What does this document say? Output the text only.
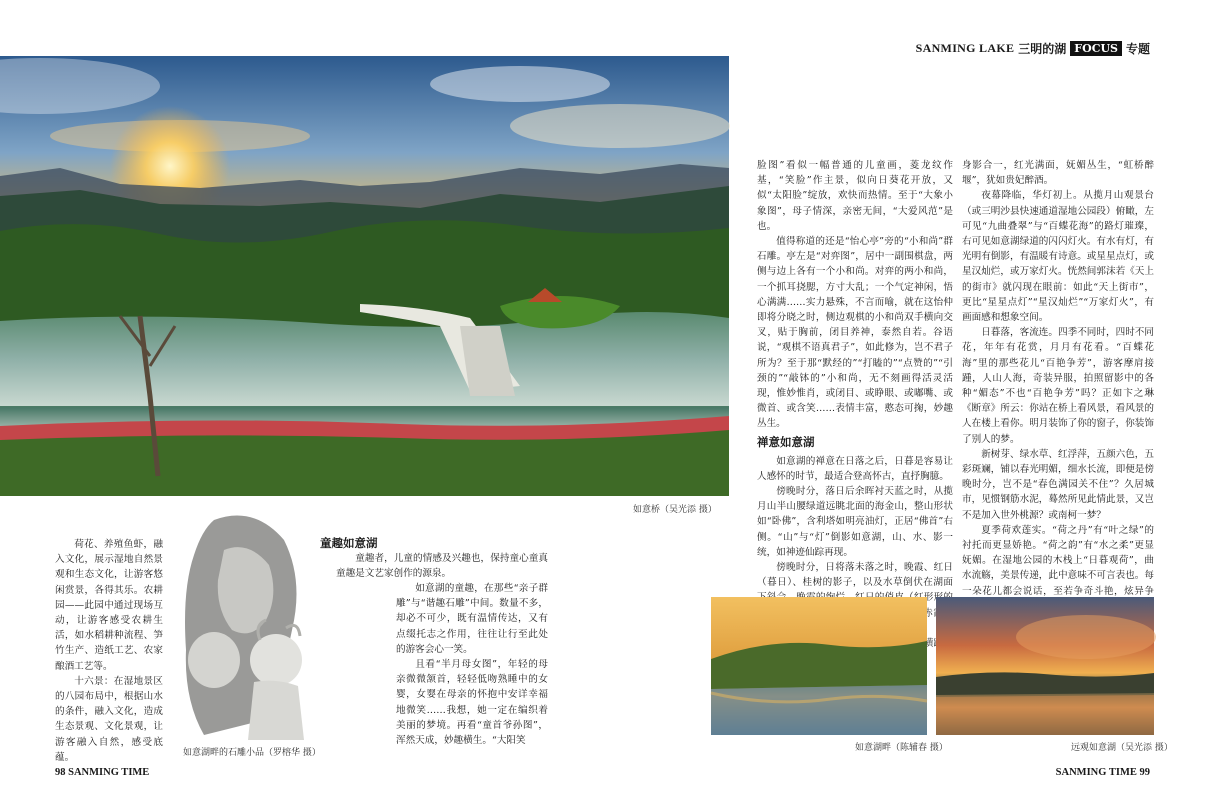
SANMING LAKE 三明的湖 FOCUS 专题
如意桥（吴光添 摄）

荷花、养殖鱼虾，融入文化，展示湿地自然景观和生态文化，让游客悠闲赏景，各得其乐。农耕园——此园中通过现场互动，让游客感受农耕生活，如水稻耕种流程、笋竹生产、造纸工艺、农家酿酒工艺等。

十六景：在湿地景区的八园布局中，根据山水的条件，融入文化，造成生态景观、文化景观，让游客融入自然，感受底蕴。	如意湖畔的石雕小品（罗榕华 摄）
童趣如意湖

童趣者，儿童的情感及兴趣也，保持童心童真童趣是文艺家创作的源泉。

如意湖的童趣，在那些“亲子群雕”与“谐趣石雕”中间。数量不多，却必不可少，既有温情传达，又有点缀托志之作用，往往让行至此处的游客会心一笑。

且看“半月母女图”，年轻的母亲微微颔首，轻轻低吻熟睡中的女婴，女婴在母亲的怀抱中安详幸福地微笑……我想，她一定在编织着美丽的梦境。再看“童首爷孙图”，浑然天成，妙趣横生。“大阳笑

脸图”看似一幅普通的儿童画，菱龙纹作基，“笑脸”作主景，似向日葵花开放，又似“太阳脸”绽放，欢快而热情。至于“大象小象图”，母子情深，亲密无间，“大爱风范”是也。

值得称道的还是“怡心亭”旁的“小和尚”群石雕。亭左是“对弈图”，居中一副围棋盘，两侧与边上各有一个小和尚。对弈的两小和尚，一个抓耳挠腮，方寸大乱；一个气定神闲，悟心满满……实力悬殊，不言而喻，就在这怡仲即将分晓之时，侧边观棋的小和尚双手横向交叉，贴于胸前，闭目养神，泰然自若。谷语说，“观棋不语真君子”，如此修为，岂不君子所为？至于那“默经的”“打瞌的”“点赞的”“引颈的”“敲钵的”小和尚，无不刻画得活灵活现，惟妙惟肖，或闭目、或睁眼、或嘟嘴、或微首、或含笑……表情丰富，憨态可掬，妙趣丛生。

禅意如意湖

如意湖的禅意在日落之后，日暮是容易让人感怀的时节，最适合登高怀古，直抒胸臆。

傍晚时分，落日后余晖衬天蓝之时，从揽月山半山腰绿道远眺北面的海金山，整山形状如“卧佛”，含利塔如明亮油灯，正居“佛首”右侧。“山”与“灯”倒影如意湖，山、水、影一统，如神迹仙踪再现。

傍晚时分，日将落未落之时，晚霞、红日（暮日）、桂树的影子，以及水草倒伏在湖面 形 赤

身影合一，红光满面，妩媚丛生，“虹桥醉堰”，犹如贵妃醉酒。

夜幕降临，华灯初上。从揽月山观景台（或三明沙县快速通道湿地公园段）俯瞰，左可见“九曲叠翠”与“百蝶花海”的路灯璀璨，右可见如意湖绿道的闪闪灯火。有水有灯，有光明有倒影，有温暖有诗意。或星星点灯，或星汉灿烂，或万家灯火。恍然间郭沫若《天上的街市》就闪现在眼前：如此“天上街市”，更比“星星点灯”“星汉灿烂”“万家灯火”，有画面感和想象空间。

日暮落，客流连。四季不同时，四时不同花，年年有花赏，月月有花看。“百蝶花海”里的那些花儿“百艳争芳”，游客摩肩接踵，人山人海，奇装异服，拍照留影中的各种“媚态”不也“百艳争芳”吗？正如卞之琳《断章》所云：你站在桥上看风景，看风景的人在楼上看你。明月装饰了你的窗子，你装饰了别人的梦。

新树芽、绿水草、红浮萍，五颜六色，五彩斑斓，铺以春光明媚，细水长流，即便是傍晚时分，岂不是“春色满园关不住”？久居城市，见惯钢筋水泥，蓦然所见此情此景，又岂不是加入世外桃源？或南柯一梦？

夏季荷欢莲实。“荷之丹”有“叶之绿”的衬托而更显娇艳。“荷之韵”有“水之柔”更显妩媚。在湿地公园的木栈上“日暮观荷”，曲水流觞，美景传递，此中意味不可言表也。每一朵花儿都会说话，至若争奇斗艳，炫异争

如意湖畔（陈辅春 摄）	远观如意湖（吴光添 摄）
98 SANMING TIME	SANMING TIME 99
